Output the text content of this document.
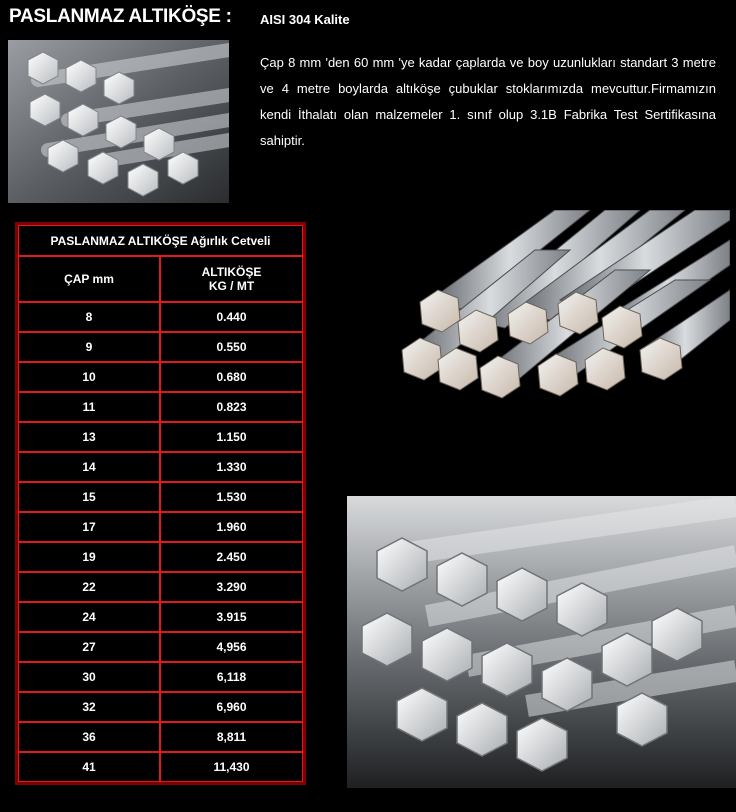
PASLANMAZ ALTIKÖŞE : AISI 304 Kalite

Çap 8 mm 'den 60 mm 'ye kadar çaplarda ve boy uzunlukları standart 3 metre ve 4 metre boylarda altıköşe çubuklar stoklarımızda mevcuttur.Firmamızın kendi İthalatı olan malzemeler 1. sınıf olup 3.1B Fabrika Test Sertifikasına sahiptir.

PASLANMAZ ALTIKÖŞE Ağırlık Cetveli	
ÇAP mm	ALTIKÖŞE
KG / MT
8	0.440
9	0.550
10	0.680
11	0.823
13	1.150
14	1.330
15	1.530
17	1.960
19	2.450
22	3.290
24	3.915
27	4,956
30	6,118
32	6,960
36	8,811
41	11,430
